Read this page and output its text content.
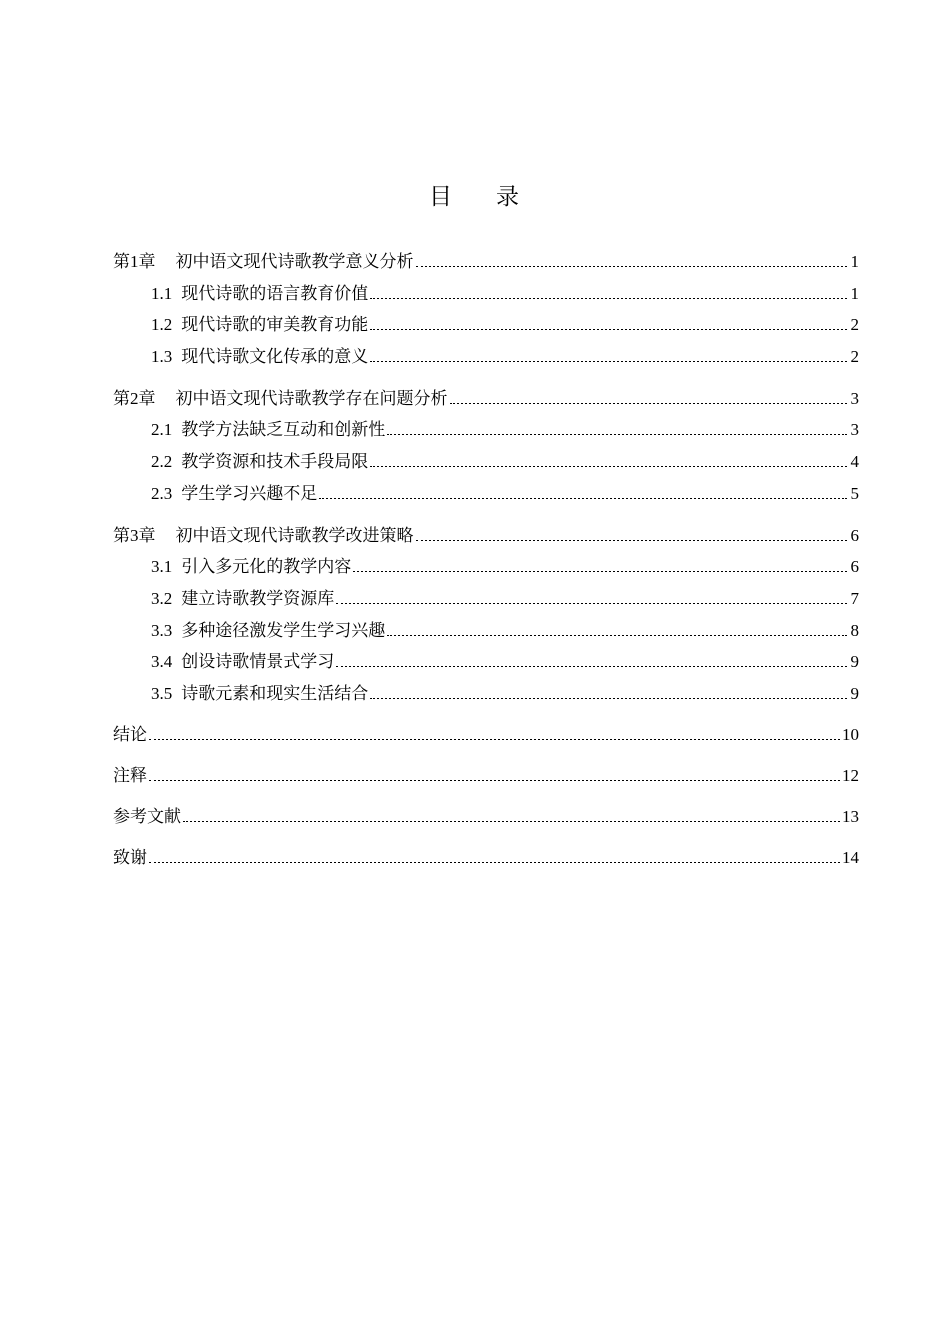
目 录
第1章 初中语文现代诗歌教学意义分析	1
1.1 现代诗歌的语言教育价值	1
1.2 现代诗歌的审美教育功能	2
1.3 现代诗歌文化传承的意义	2
第2章 初中语文现代诗歌教学存在问题分析	3
2.1 教学方法缺乏互动和创新性	3
2.2 教学资源和技术手段局限	4
2.3 学生学习兴趣不足	5
第3章 初中语文现代诗歌教学改进策略	6
3.1 引入多元化的教学内容	6
3.2 建立诗歌教学资源库	7
3.3 多种途径激发学生学习兴趣	8
3.4 创设诗歌情景式学习	9
3.5 诗歌元素和现实生活结合	9
结论	10
注释	12
参考文献	13
致谢	14
